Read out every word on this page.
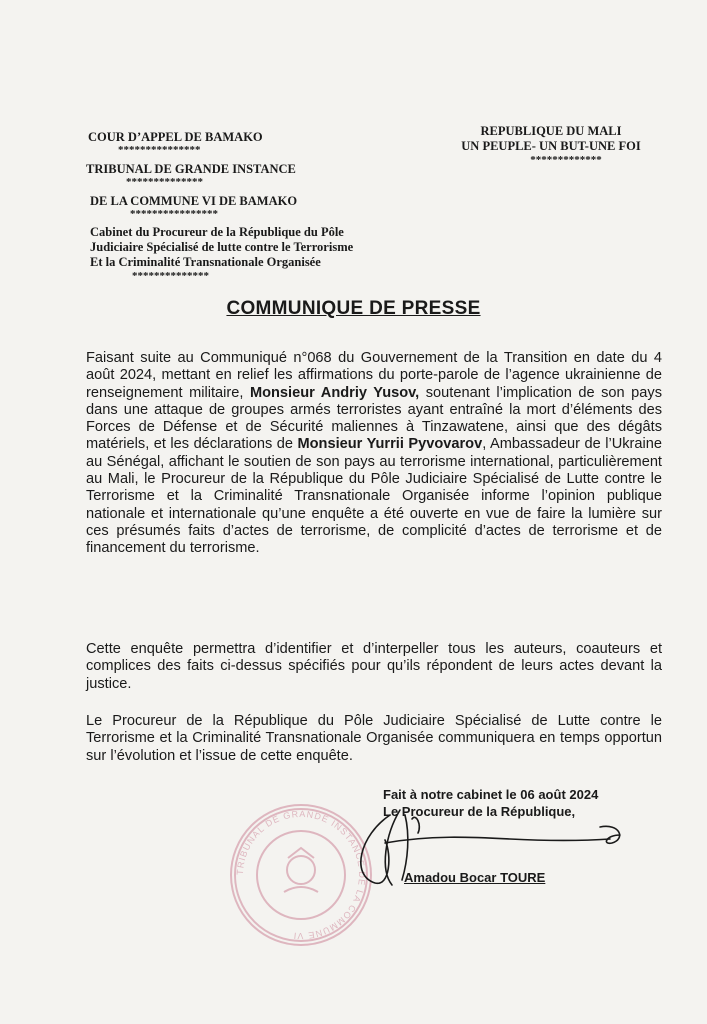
COUR D’APPEL DE BAMAKO
***************
TRIBUNAL DE GRANDE INSTANCE
**************
DE LA COMMUNE VI DE BAMAKO
****************
Cabinet du Procureur de la République du Pôle
Judiciaire Spécialisé de lutte contre le Terrorisme
Et la Criminalité Transnationale Organisée
**************
REPUBLIQUE DU MALI
UN PEUPLE- UN BUT-UNE FOI
*************
COMMUNIQUE DE PRESSE
Faisant suite au Communiqué n°068 du Gouvernement de la Transition en date du 4 août 2024, mettant en relief les affirmations du porte-parole de l’agence ukrainienne de renseignement militaire, Monsieur Andriy Yusov, soutenant l’implication de son pays dans une attaque de groupes armés terroristes ayant entraîné la mort d’éléments des Forces de Défense et de Sécurité maliennes à Tinzawatene, ainsi que des dégâts matériels, et les déclarations de Monsieur Yurrii Pyvovarov, Ambassadeur de l’Ukraine au Sénégal, affichant le soutien de son pays au terrorisme international, particulièrement au Mali, le Procureur de la République du Pôle Judiciaire Spécialisé de Lutte contre le Terrorisme et la Criminalité Transnationale Organisée informe l’opinion publique nationale et internationale qu’une enquête a été ouverte en vue de faire la lumière sur ces présumés faits d’actes de terrorisme, de complicité d’actes de terrorisme et de financement du terrorisme.
Cette enquête permettra d’identifier et d’interpeller tous les auteurs, coauteurs et complices des faits ci-dessus spécifiés pour qu’ils répondent de leurs actes devant la justice.
Le Procureur de la République du Pôle Judiciaire Spécialisé de Lutte contre le Terrorisme et la Criminalité Transnationale Organisée communiquera en temps opportun sur l’évolution et l’issue de cette enquête.
TRIBUNAL DE GRANDE INSTANCE DE LA COMMUNE VI
Fait à notre cabinet le 06 août 2024
Le Procureur de la République,
Amadou Bocar TOURE
